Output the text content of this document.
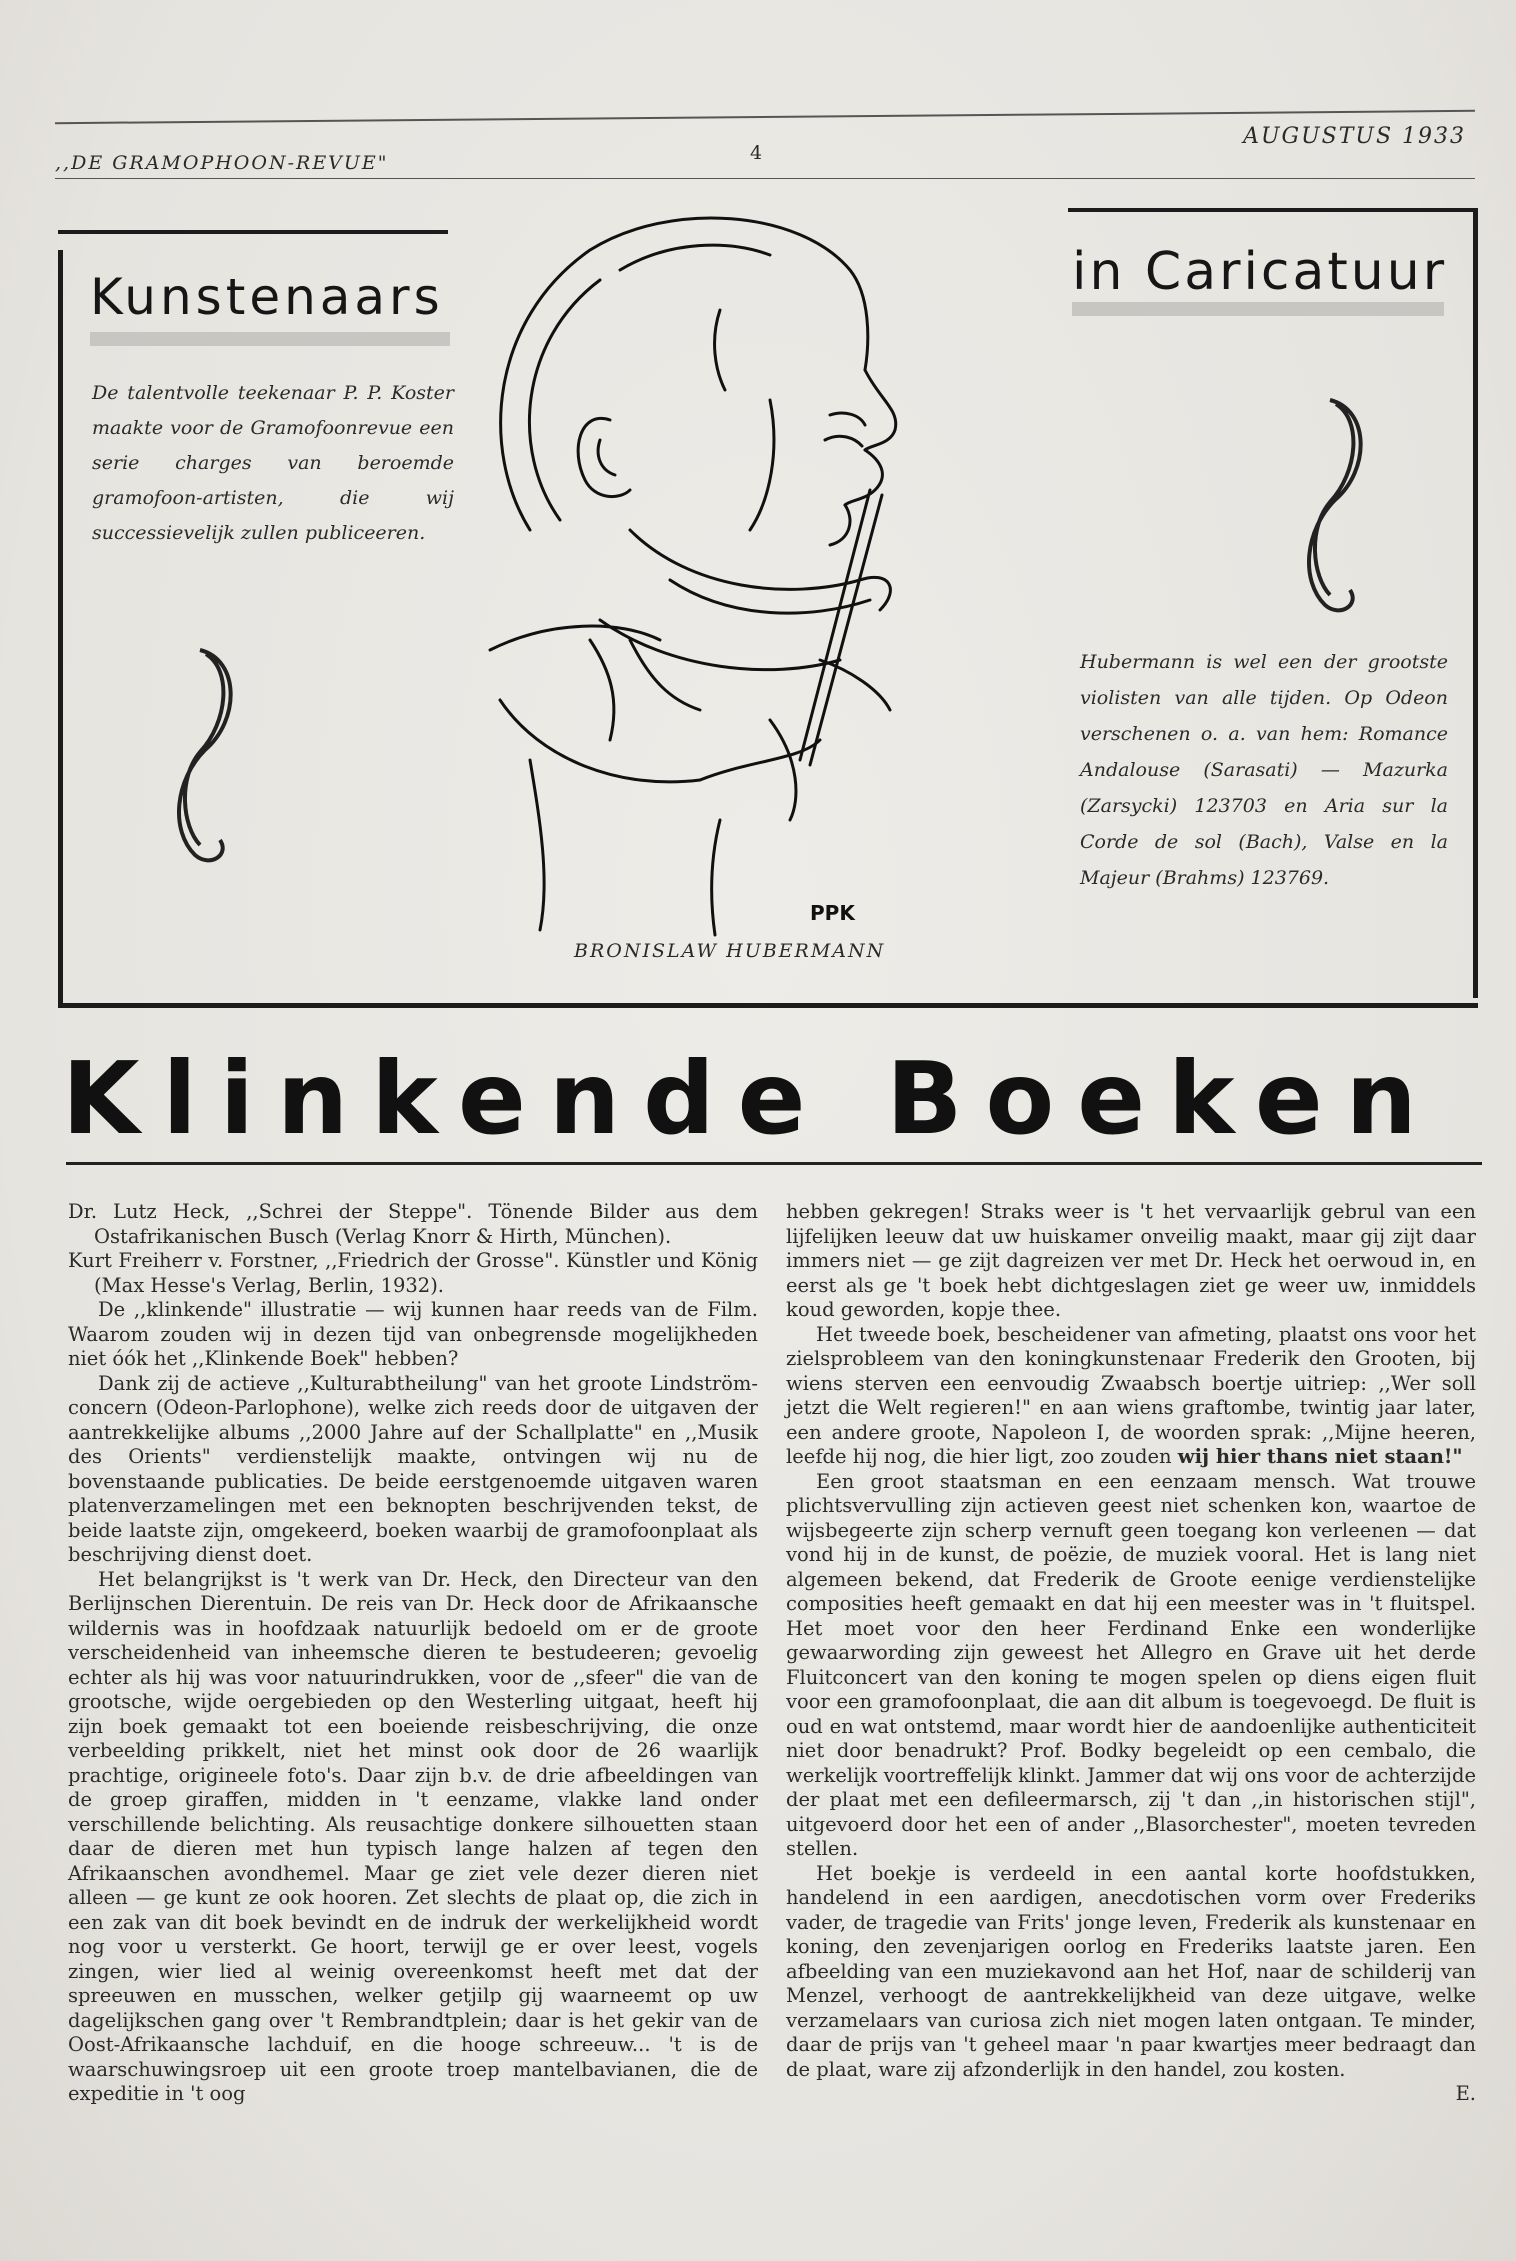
,,DE GRAMOPHOON-REVUE"	4
AUGUSTUS 1933
Kunstenaars	in Caricatuur
De talentvolle teekenaar P. P. Koster maakte voor de Gramofoonrevue een serie charges van beroemde gramofoon-artisten, die wij successievelijk zullen publiceeren.
Hubermann is wel een der grootste violisten van alle tijden. Op Odeon verschenen o. a. van hem: Romance Andalouse (Sarasati) — Mazurka (Zarsycki) 123703 en Aria sur la Corde de sol (Bach), Valse en la Majeur (Brahms) 123769.
PPK
BRONISLAW HUBERMANN
Klinkende Boeken

Dr. Lutz Heck, ,,Schrei der Steppe". Tönende Bilder aus dem Ostafrikanischen Busch (Verlag Knorr & Hirth, München).

Kurt Freiherr v. Forstner, ,,Friedrich der Grosse". Künstler und König (Max Hesse's Verlag, Berlin, 1932).

De ,,klinkende" illustratie — wij kunnen haar reeds van de Film. Waarom zouden wij in dezen tijd van onbegrensde mogelijkheden niet óók het ,,Klinkende Boek" hebben?

Dank zij de actieve ,,Kulturabtheilung" van het groote Lindström-concern (Odeon-Parlophone), welke zich reeds door de uitgaven der aantrekkelijke albums ,,2000 Jahre auf der Schallplatte" en ,,Musik des Orients" verdienstelijk maakte, ontvingen wij nu de bovenstaande publicaties. De beide eerstgenoemde uitgaven waren platenverzamelingen met een beknopten beschrijvenden tekst, de beide laatste zijn, omgekeerd, boeken waarbij de gramofoonplaat als beschrijving dienst doet.

Het belangrijkst is 't werk van Dr. Heck, den Directeur van den Berlijnschen Dierentuin. De reis van Dr. Heck door de Afrikaansche wildernis was in hoofdzaak natuurlijk bedoeld om er de groote verscheidenheid van inheemsche dieren te bestudeeren; gevoelig echter als hij was voor natuurindrukken, voor de ,,sfeer" die van de grootsche, wijde oergebieden op den Westerling uitgaat, heeft hij zijn boek gemaakt tot een boeiende reisbeschrijving, die onze verbeelding prikkelt, niet het minst ook door de 26 waarlijk prachtige, origineele foto's. Daar zijn b.v. de drie afbeeldingen van de groep giraffen, midden in 't eenzame, vlakke land onder verschillende belichting. Als reusachtige donkere silhouetten staan daar de dieren met hun typisch lange halzen af tegen den Afrikaanschen avondhemel. Maar ge ziet vele dezer dieren niet alleen — ge kunt ze ook hooren. Zet slechts de plaat op, die zich in een zak van dit boek bevindt en de indruk der werkelijkheid wordt nog voor u versterkt. Ge hoort, terwijl ge er over leest, vogels zingen, wier lied al weinig overeenkomst heeft met dat der spreeuwen en musschen, welker getjilp gij waarneemt op uw dagelijkschen gang over 't Rembrandtplein; daar is het gekir van de Oost-Afrikaansche lachduif, en die hooge schreeuw... 't is de waarschuwingsroep uit een groote troep mantelbavianen, die de expeditie in 't oog

hebben gekregen! Straks weer is 't het vervaarlijk gebrul van een lijfelijken leeuw dat uw huiskamer onveilig maakt, maar gij zijt daar immers niet — ge zijt dagreizen ver met Dr. Heck het oerwoud in, en eerst als ge 't boek hebt dichtgeslagen ziet ge weer uw, inmiddels koud geworden, kopje thee.

Het tweede boek, bescheidener van afmeting, plaatst ons voor het zielsprobleem van den koningkunstenaar Frederik den Grooten, bij wiens sterven een eenvoudig Zwaabsch boertje uitriep: ,,Wer soll jetzt die Welt regieren!" en aan wiens graftombe, twintig jaar later, een andere groote, Napoleon I, de woorden sprak: ,,Mijne heeren, leefde hij nog, die hier ligt, zoo zouden wij hier thans niet staan!"

Een groot staatsman en een eenzaam mensch. Wat trouwe plichtsvervulling zijn actieven geest niet schenken kon, waartoe de wijsbegeerte zijn scherp vernuft geen toegang kon verleenen — dat vond hij in de kunst, de poëzie, de muziek vooral. Het is lang niet algemeen bekend, dat Frederik de Groote eenige verdienstelijke composities heeft gemaakt en dat hij een meester was in 't fluitspel. Het moet voor den heer Ferdinand Enke een wonderlijke gewaarwording zijn geweest het Allegro en Grave uit het derde Fluitconcert van den koning te mogen spelen op diens eigen fluit voor een gramofoonplaat, die aan dit album is toegevoegd. De fluit is oud en wat ontstemd, maar wordt hier de aandoenlijke authenticiteit niet door benadrukt? Prof. Bodky begeleidt op een cembalo, die werkelijk voortreffelijk klinkt. Jammer dat wij ons voor de achterzijde der plaat met een defileermarsch, zij 't dan ,,in historischen stijl", uitgevoerd door het een of ander ,,Blasorchester", moeten tevreden stellen.

Het boekje is verdeeld in een aantal korte hoofdstukken, handelend in een aardigen, anecdotischen vorm over Frederiks vader, de tragedie van Frits' jonge leven, Frederik als kunstenaar en koning, den zevenjarigen oorlog en Frederiks laatste jaren. Een afbeelding van een muziekavond aan het Hof, naar de schilderij van Menzel, verhoogt de aantrekkelijkheid van deze uitgave, welke verzamelaars van curiosa zich niet mogen laten ontgaan. Te minder, daar de prijs van 't geheel maar 'n paar kwartjes meer bedraagt dan de plaat, ware zij afzonderlijk in den handel, zou kosten.

E.
